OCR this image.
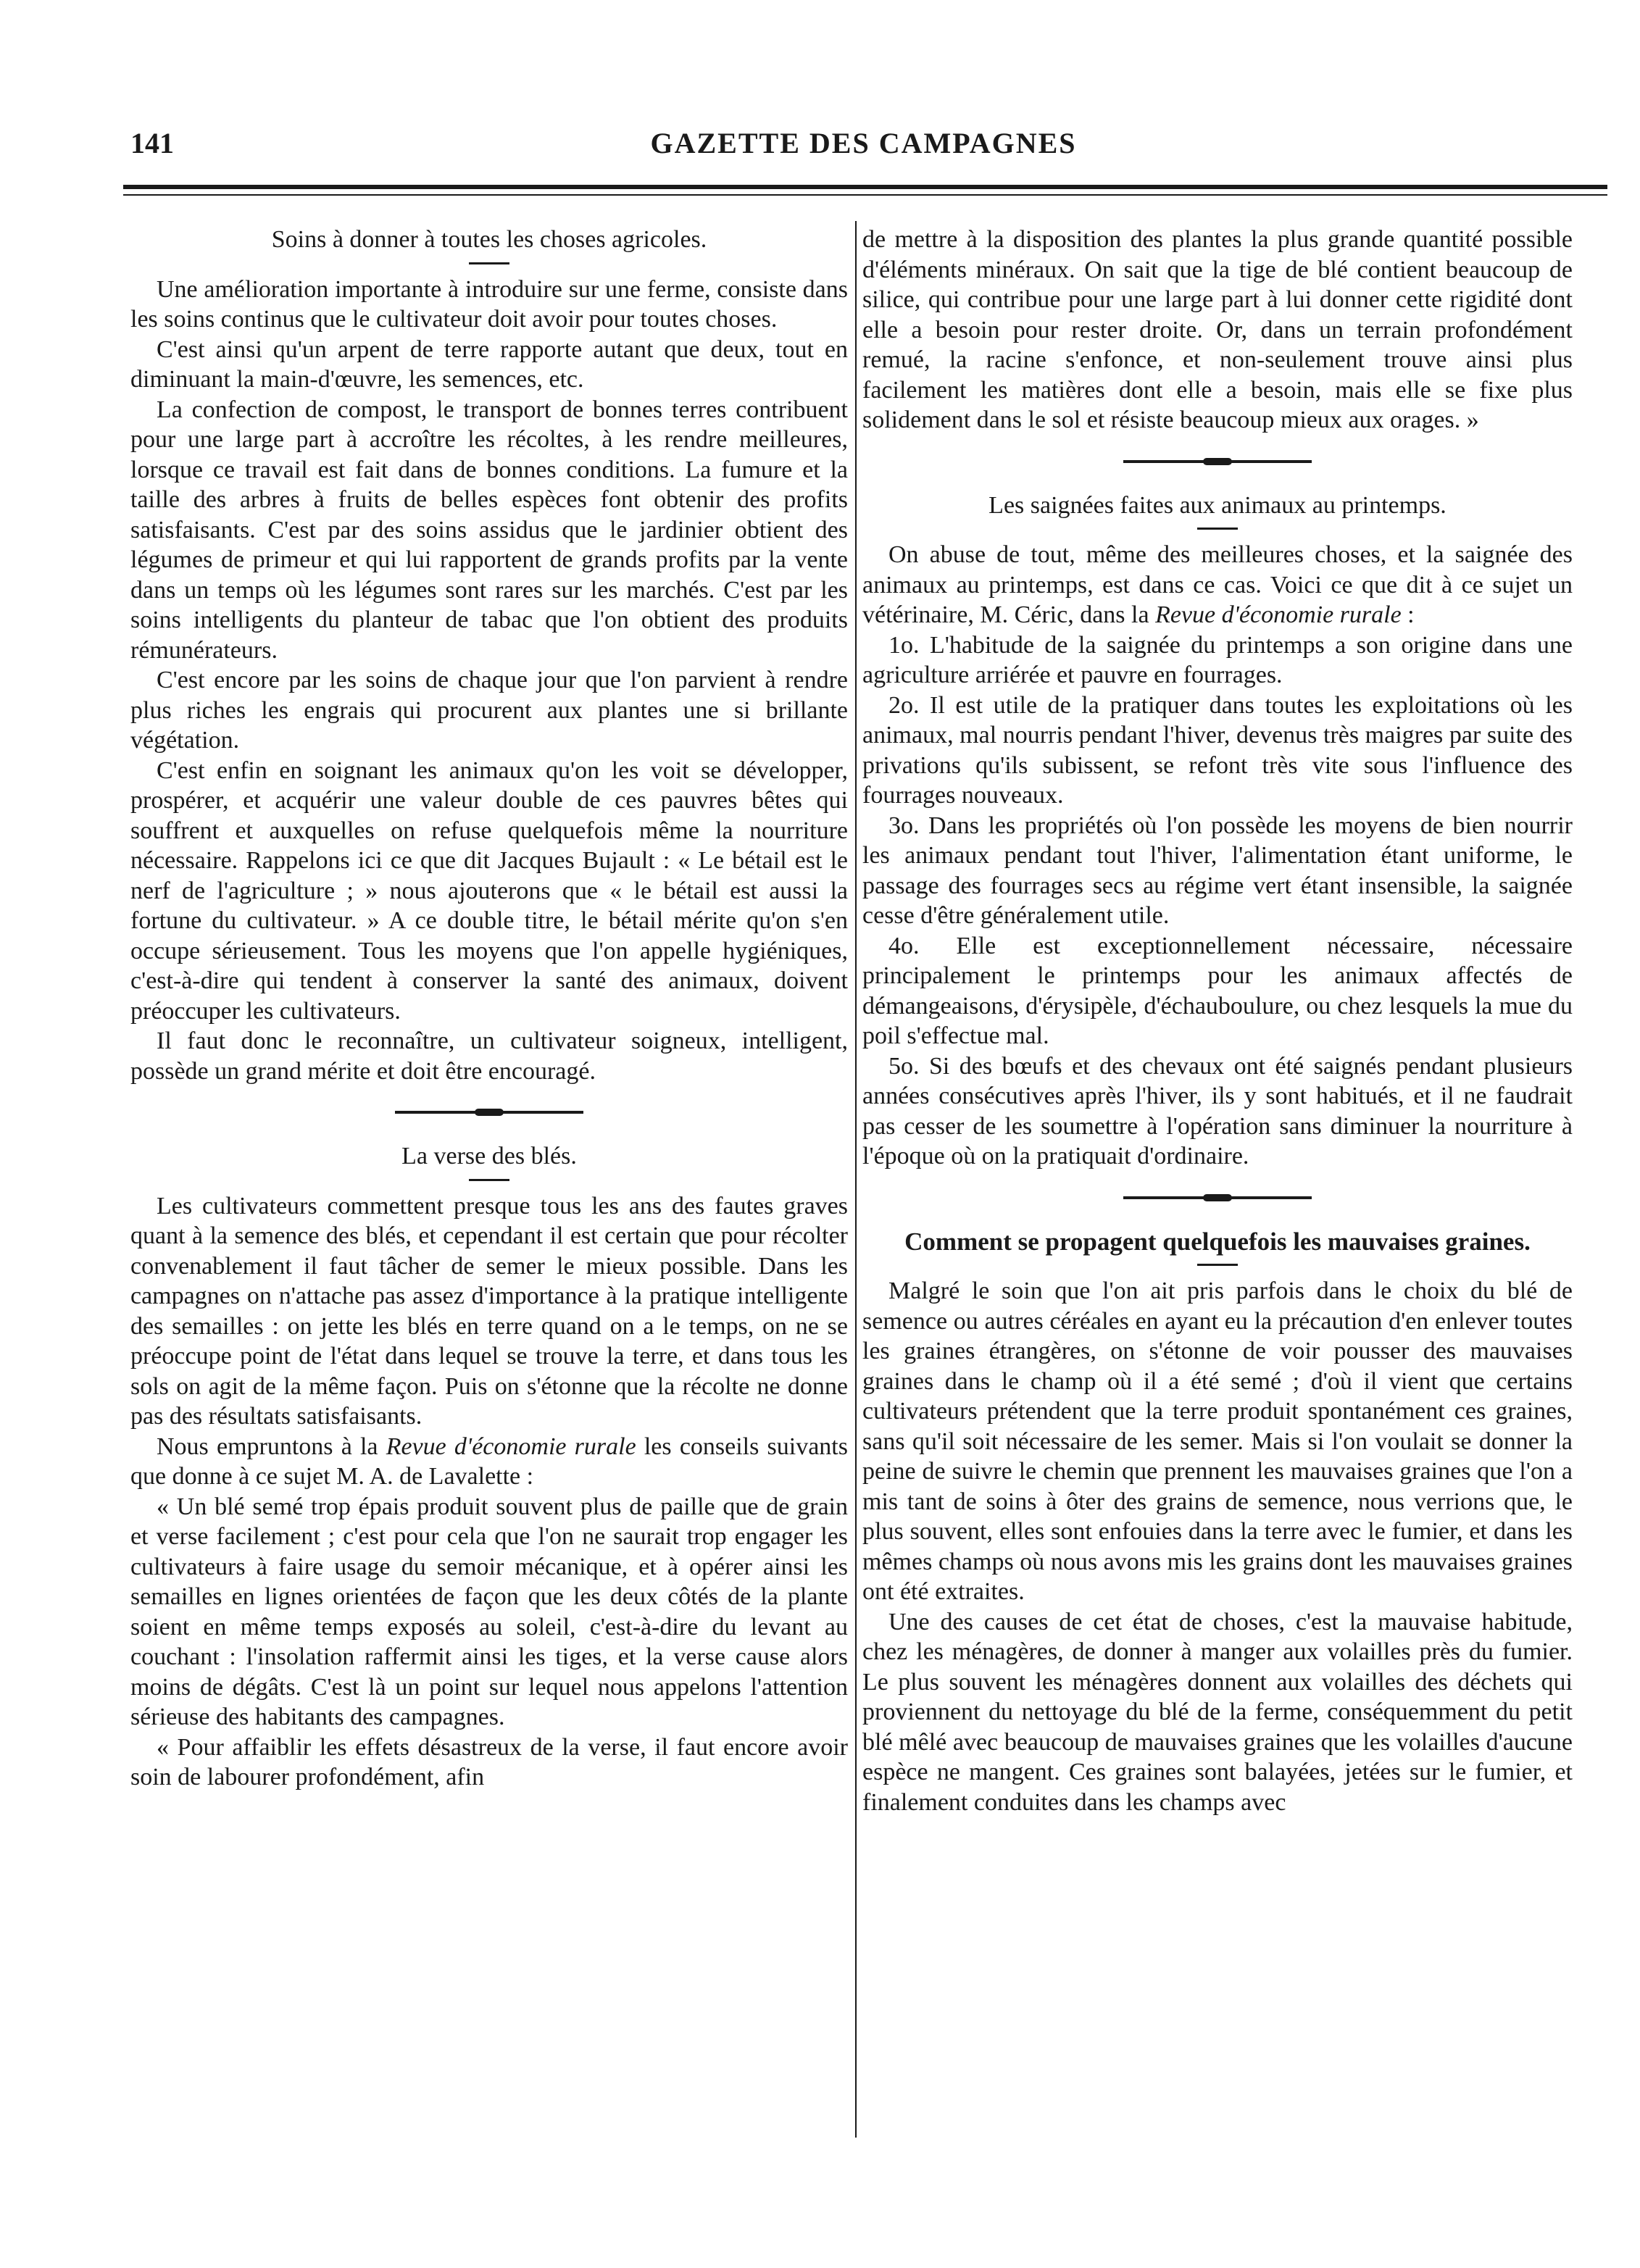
141	GAZETTE DES CAMPAGNES
Soins à donner à toutes les choses agricoles.

Une amélioration importante à introduire sur une ferme, consiste dans les soins continus que le cultivateur doit avoir pour toutes choses.

C'est ainsi qu'un arpent de terre rapporte autant que deux, tout en diminuant la main-d'œuvre, les semences, etc.

La confection de compost, le transport de bonnes terres contribuent pour une large part à accroître les récoltes, à les rendre meilleures, lorsque ce travail est fait dans de bonnes conditions. La fumure et la taille des arbres à fruits de belles espèces font obtenir des profits satisfaisants. C'est par des soins assidus que le jardinier obtient des légumes de primeur et qui lui rapportent de grands profits par la vente dans un temps où les légumes sont rares sur les marchés. C'est par les soins intelligents du planteur de tabac que l'on obtient des produits rémunérateurs.

C'est encore par les soins de chaque jour que l'on parvient à rendre plus riches les engrais qui procurent aux plantes une si brillante végétation.

C'est enfin en soignant les animaux qu'on les voit se développer, prospérer, et acquérir une valeur double de ces pauvres bêtes qui souffrent et auxquelles on refuse quelquefois même la nourriture nécessaire. Rappelons ici ce que dit Jacques Bujault : « Le bétail est le nerf de l'agriculture ; » nous ajouterons que « le bétail est aussi la fortune du cultivateur. » A ce double titre, le bétail mérite qu'on s'en occupe sérieusement. Tous les moyens que l'on appelle hygiéniques, c'est-à-dire qui tendent à conserver la santé des animaux, doivent préoccuper les cultivateurs.

Il faut donc le reconnaître, un cultivateur soigneux, intelligent, possède un grand mérite et doit être encouragé.

La verse des blés.

Les cultivateurs commettent presque tous les ans des fautes graves quant à la semence des blés, et cependant il est certain que pour récolter convenablement il faut tâcher de semer le mieux possible. Dans les campagnes on n'attache pas assez d'importance à la pratique intelligente des semailles : on jette les blés en terre quand on a le temps, on ne se préoccupe point de l'état dans lequel se trouve la terre, et dans tous les sols on agit de la même façon. Puis on s'étonne que la récolte ne donne pas des résultats satisfaisants.

Nous empruntons à la Revue d'économie rurale les conseils suivants que donne à ce sujet M. A. de Lavalette :

« Un blé semé trop épais produit souvent plus de paille que de grain et verse facilement ; c'est pour cela que l'on ne saurait trop engager les cultivateurs à faire usage du semoir mécanique, et à opérer ainsi les semailles en lignes orientées de façon que les deux côtés de la plante soient en même temps exposés au soleil, c'est-à-dire du levant au couchant : l'insolation raffermit ainsi les tiges, et la verse cause alors moins de dégâts. C'est là un point sur lequel nous appelons l'attention sérieuse des habitants des campagnes.

« Pour affaiblir les effets désastreux de la verse, il faut encore avoir soin de labourer profondément, afin

de mettre à la disposition des plantes la plus grande quantité possible d'éléments minéraux. On sait que la tige de blé contient beaucoup de silice, qui contribue pour une large part à lui donner cette rigidité dont elle a besoin pour rester droite. Or, dans un terrain profondément remué, la racine s'enfonce, et non-seulement trouve ainsi plus facilement les matières dont elle a besoin, mais elle se fixe plus solidement dans le sol et résiste beaucoup mieux aux orages. »

Les saignées faites aux animaux au printemps.

On abuse de tout, même des meilleures choses, et la saignée des animaux au printemps, est dans ce cas. Voici ce que dit à ce sujet un vétérinaire, M. Céric, dans la Revue d'économie rurale :

1o. L'habitude de la saignée du printemps a son origine dans une agriculture arriérée et pauvre en fourrages.

2o. Il est utile de la pratiquer dans toutes les exploitations où les animaux, mal nourris pendant l'hiver, devenus très maigres par suite des privations qu'ils subissent, se refont très vite sous l'influence des fourrages nouveaux.

3o. Dans les propriétés où l'on possède les moyens de bien nourrir les animaux pendant tout l'hiver, l'alimentation étant uniforme, le passage des fourrages secs au régime vert étant insensible, la saignée cesse d'être généralement utile.

4o. Elle est exceptionnellement nécessaire, nécessaire principalement le printemps pour les animaux affectés de démangeaisons, d'érysipèle, d'échauboulure, ou chez lesquels la mue du poil s'effectue mal.

5o. Si des bœufs et des chevaux ont été saignés pendant plusieurs années consécutives après l'hiver, ils y sont habitués, et il ne faudrait pas cesser de les soumettre à l'opération sans diminuer la nourriture à l'époque où on la pratiquait d'ordinaire.

Comment se propagent quelquefois les mauvaises graines.

Malgré le soin que l'on ait pris parfois dans le choix du blé de semence ou autres céréales en ayant eu la précaution d'en enlever toutes les graines étrangères, on s'étonne de voir pousser des mauvaises graines dans le champ où il a été semé ; d'où il vient que certains cultivateurs prétendent que la terre produit spontanément ces graines, sans qu'il soit nécessaire de les semer. Mais si l'on voulait se donner la peine de suivre le chemin que prennent les mauvaises graines que l'on a mis tant de soins à ôter des grains de semence, nous verrions que, le plus souvent, elles sont enfouies dans la terre avec le fumier, et dans les mêmes champs où nous avons mis les grains dont les mauvaises graines ont été extraites.

Une des causes de cet état de choses, c'est la mauvaise habitude, chez les ménagères, de donner à manger aux volailles près du fumier. Le plus souvent les ménagères donnent aux volailles des déchets qui proviennent du nettoyage du blé de la ferme, conséquemment du petit blé mêlé avec beaucoup de mauvaises graines que les volailles d'aucune espèce ne mangent. Ces graines sont balayées, jetées sur le fumier, et finalement conduites dans les champs avec
